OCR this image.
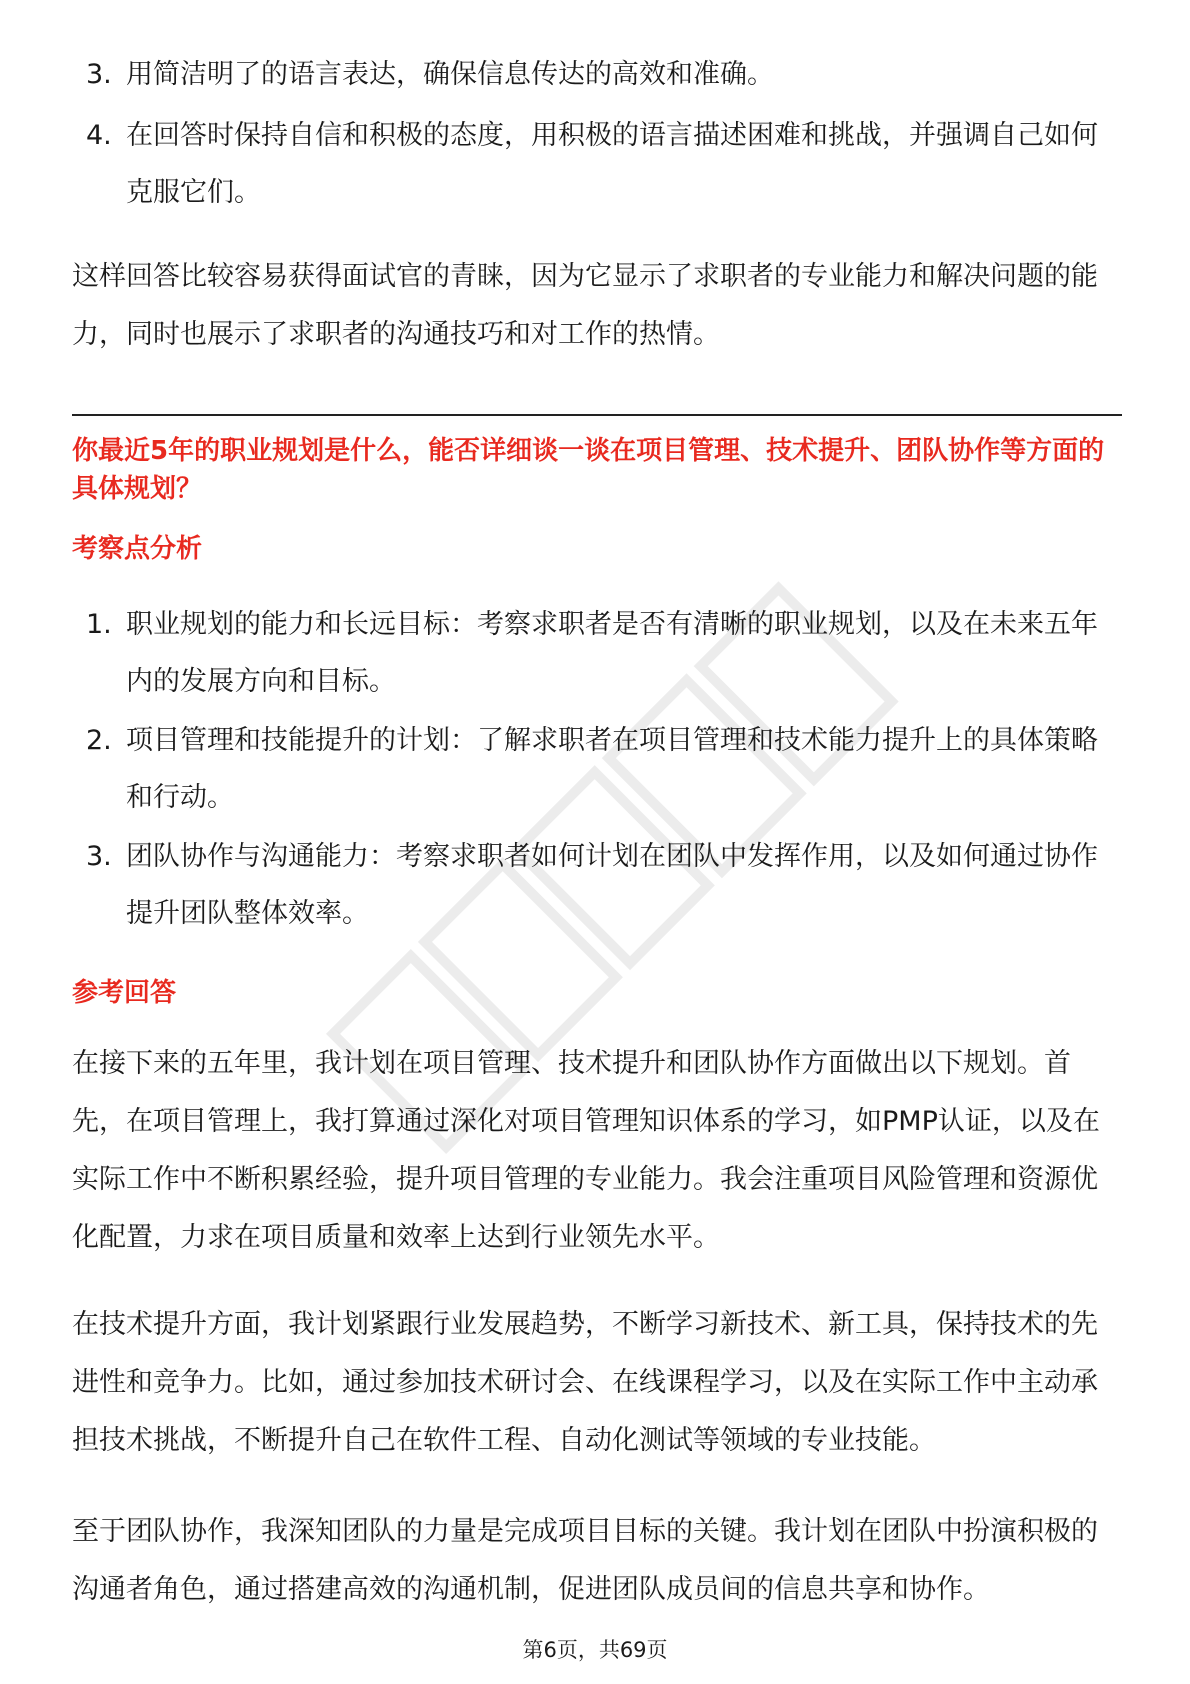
3. 用简洁明了的语言表达，确保信息传达的高效和准确。
4. 在回答时保持自信和积极的态度，用积极的语言描述困难和挑战，并强调自己如何克服它们。

这样回答比较容易获得面试官的青睐，因为它显示了求职者的专业能力和解决问题的能力，同时也展示了求职者的沟通技巧和对工作的热情。

你最近5年的职业规划是什么，能否详细谈一谈在项目管理、技术提升、团队协作等方面的具体规划？

考察点分析

1. 职业规划的能力和长远目标：考察求职者是否有清晰的职业规划，以及在未来五年内的发展方向和目标。
2. 项目管理和技能提升的计划：了解求职者在项目管理和技术能力提升上的具体策略和行动。
3. 团队协作与沟通能力：考察求职者如何计划在团队中发挥作用，以及如何通过协作提升团队整体效率。

参考回答

在接下来的五年里，我计划在项目管理、技术提升和团队协作方面做出以下规划。首先，在项目管理上，我打算通过深化对项目管理知识体系的学习，如PMP认证，以及在实际工作中不断积累经验，提升项目管理的专业能力。我会注重项目风险管理和资源优化配置，力求在项目质量和效率上达到行业领先水平。

在技术提升方面，我计划紧跟行业发展趋势，不断学习新技术、新工具，保持技术的先进性和竞争力。比如，通过参加技术研讨会、在线课程学习，以及在实际工作中主动承担技术挑战，不断提升自己在软件工程、自动化测试等领域的专业技能。

至于团队协作，我深知团队的力量是完成项目目标的关键。我计划在团队中扮演积极的沟通者角色，通过搭建高效的沟通机制，促进团队成员间的信息共享和协作。

第6页，共69页
